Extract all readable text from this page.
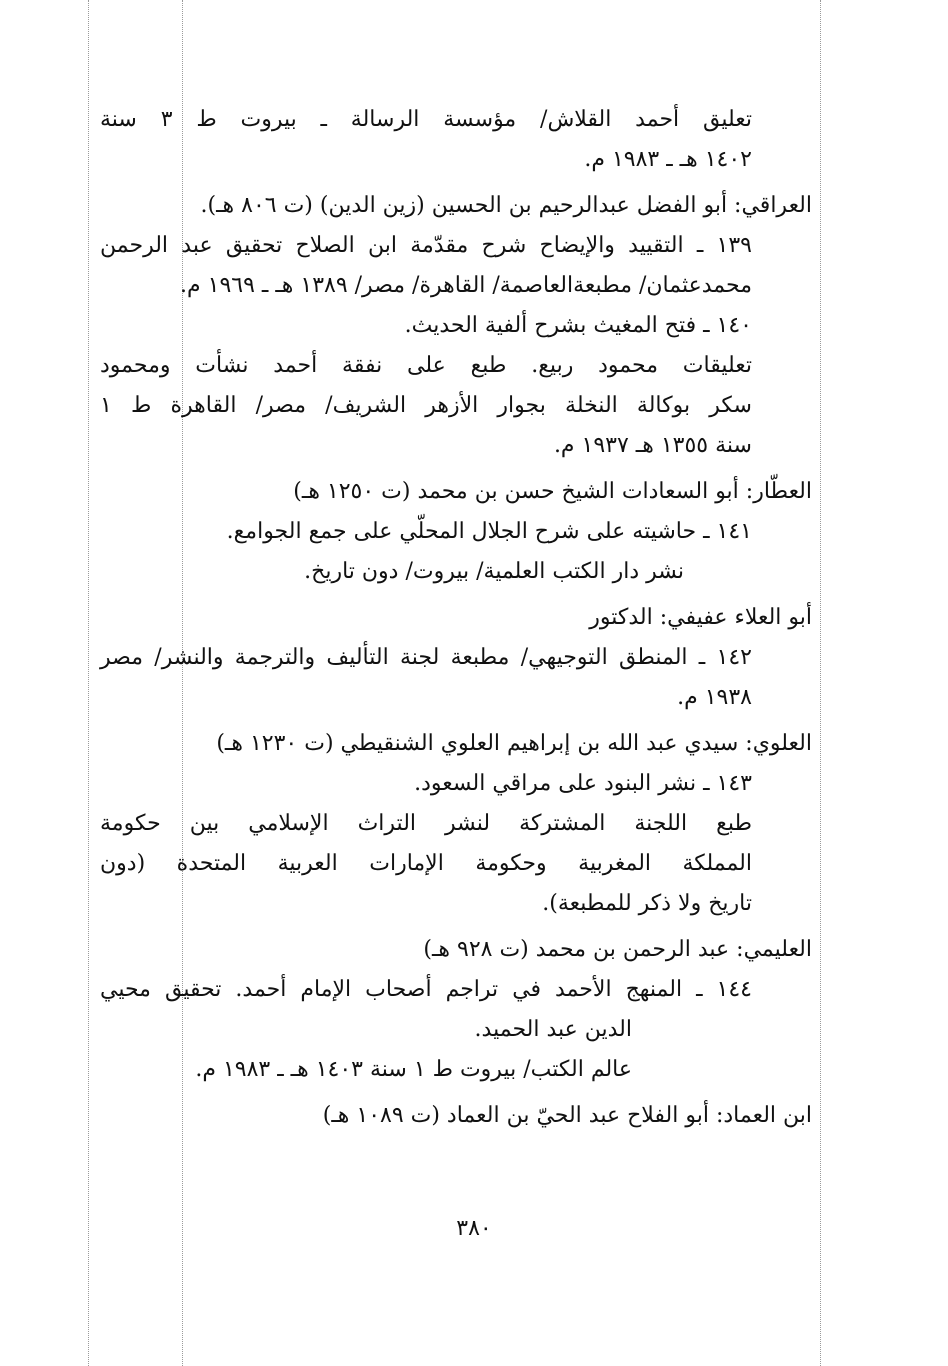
تعليق أحمد القلاش/ مؤسسة الرسالة ـ بيروت ط ٣ سنة
١٤٠٢ هـ ـ ١٩٨٣ م.
العراقي: أبو الفضل عبدالرحيم بن الحسين (زين الدين) (ت ٨٠٦ هـ).
١٣٩ ـ التقييد والإيضاح شرح مقدّمة ابن الصلاح تحقيق عبد الرحمن
محمدعثمان/ مطبعةالعاصمة/ القاهرة/ مصر/ ١٣٨٩ هـ ـ ١٩٦٩ م.
١٤٠ ـ فتح المغيث بشرح ألفية الحديث.
تعليقات محمود ربيع. طبع على نفقة أحمد نشأت ومحمود
سكر بوكالة النخلة بجوار الأزهر الشريف/ مصر/ القاهرة ط ١
سنة ١٣٥٥ هـ ١٩٣٧ م.
العطّار: أبو السعادات الشيخ حسن بن محمد (ت ١٢٥٠ هـ)
١٤١ ـ حاشيته على شرح الجلال المحلّي على جمع الجوامع.
نشر دار الكتب العلمية/ بيروت/ دون تاريخ.
أبو العلاء عفيفي: الدكتور
١٤٢ ـ المنطق التوجيهي/ مطبعة لجنة التأليف والترجمة والنشر/ مصر
١٩٣٨ م.
العلوي: سيدي عبد الله بن إبراهيم العلوي الشنقيطي (ت ١٢٣٠ هـ)
١٤٣ ـ نشر البنود على مراقي السعود.
طبع اللجنة المشتركة لنشر التراث الإسلامي بين حكومة
المملكة المغربية وحكومة الإمارات العربية المتحدة (دون
تاريخ ولا ذكر للمطبعة).
العليمي: عبد الرحمن بن محمد (ت ٩٢٨ هـ)
١٤٤ ـ المنهج الأحمد في تراجم أصحاب الإمام أحمد. تحقيق محيي
الدين عبد الحميد.
عالم الكتب/ بيروت ط ١ سنة ١٤٠٣ هـ ـ ١٩٨٣ م.
ابن العماد: أبو الفلاح عبد الحيّ بن العماد (ت ١٠٨٩ هـ)
٣٨٠
